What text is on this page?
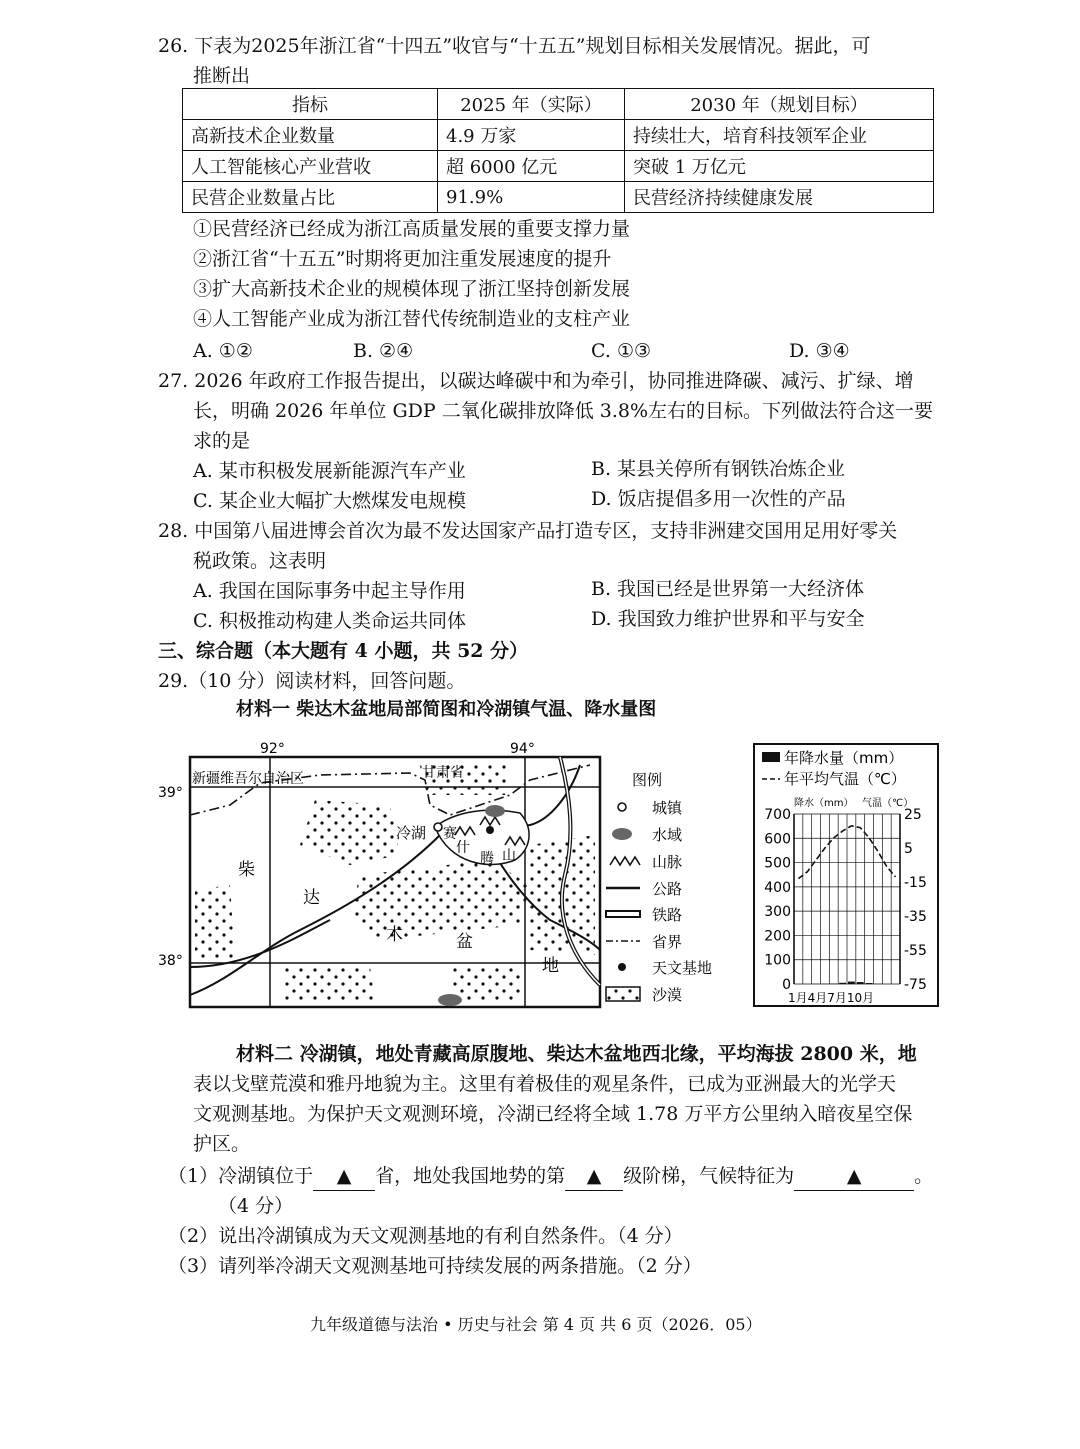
26. 下表为2025年浙江省“十四五”收官与“十五五”规划目标相关发展情况。据此，可
推断出
指标	2025 年（实际）	2030 年（规划目标）
高新技术企业数量	4.9 万家	持续壮大，培育科技领军企业
人工智能核心产业营收	超 6000 亿元	突破 1 万亿元
民营企业数量占比	91.9%	民营经济持续健康发展
①民营经济已经成为浙江高质量发展的重要支撑力量
②浙江省“十五五”时期将更加注重发展速度的提升
③扩大高新技术企业的规模体现了浙江坚持创新发展
④人工智能产业成为浙江替代传统制造业的支柱产业
A. ①②	B. ②④	C. ①③	D. ③④
27. 2026 年政府工作报告提出，以碳达峰碳中和为牵引，协同推进降碳、减污、扩绿、增
长，明确 2026 年单位 GDP 二氧化碳排放降低 3.8%左右的目标。下列做法符合这一要
求的是
A. 某市积极发展新能源汽车产业	B. 某县关停所有钢铁冶炼企业
C. 某企业大幅扩大燃煤发电规模	D. 饭店提倡多用一次性的产品
28. 中国第八届进博会首次为最不发达国家产品打造专区，支持非洲建交国用足用好零关
税政策。这表明
A. 我国在国际事务中起主导作用	B. 我国已经是世界第一大经济体
C. 积极推动构建人类命运共同体	D. 我国致力维护世界和平与安全
三、综合题（本大题有 4 小题，共 52 分）
29.（10 分）阅读材料，回答问题。
材料一 柴达木盆地局部简图和冷湖镇气温、降水量图
92°	94°
39°
38°
新疆维吾尔自治区	甘肃省
冷湖 赛
什
腾 山
柴
达
木	盆
地
图例
城镇
水域
山脉
公路
铁路
省界
天文基地
沙漠
年降水量（mm）
年平均气温（℃）
降水（mm） 气温（℃）
700
600
500
400
300
200
100
0
25
5
-15
-35
-55
-75
1月4月7月10月
材料二 冷湖镇，地处青藏高原腹地、柴达木盆地西北缘，平均海拔 2800 米，地
表以戈壁荒漠和雅丹地貌为主。这里有着极佳的观星条件，已成为亚洲最大的光学天
文观测基地。为保护天文观测环境，冷湖已经将全域 1.78 万平方公里纳入暗夜星空保
护区。
（1）冷湖镇位于 ▲ 省，地处我国地势的第 ▲ 级阶梯，气候特征为	▲	。
（4 分）
（2）说出冷湖镇成为天文观测基地的有利自然条件。（4 分）
（3）请列举冷湖天文观测基地可持续发展的两条措施。（2 分）
九年级道德与法治 • 历史与社会 第 4 页 共 6 页（2026．05）
